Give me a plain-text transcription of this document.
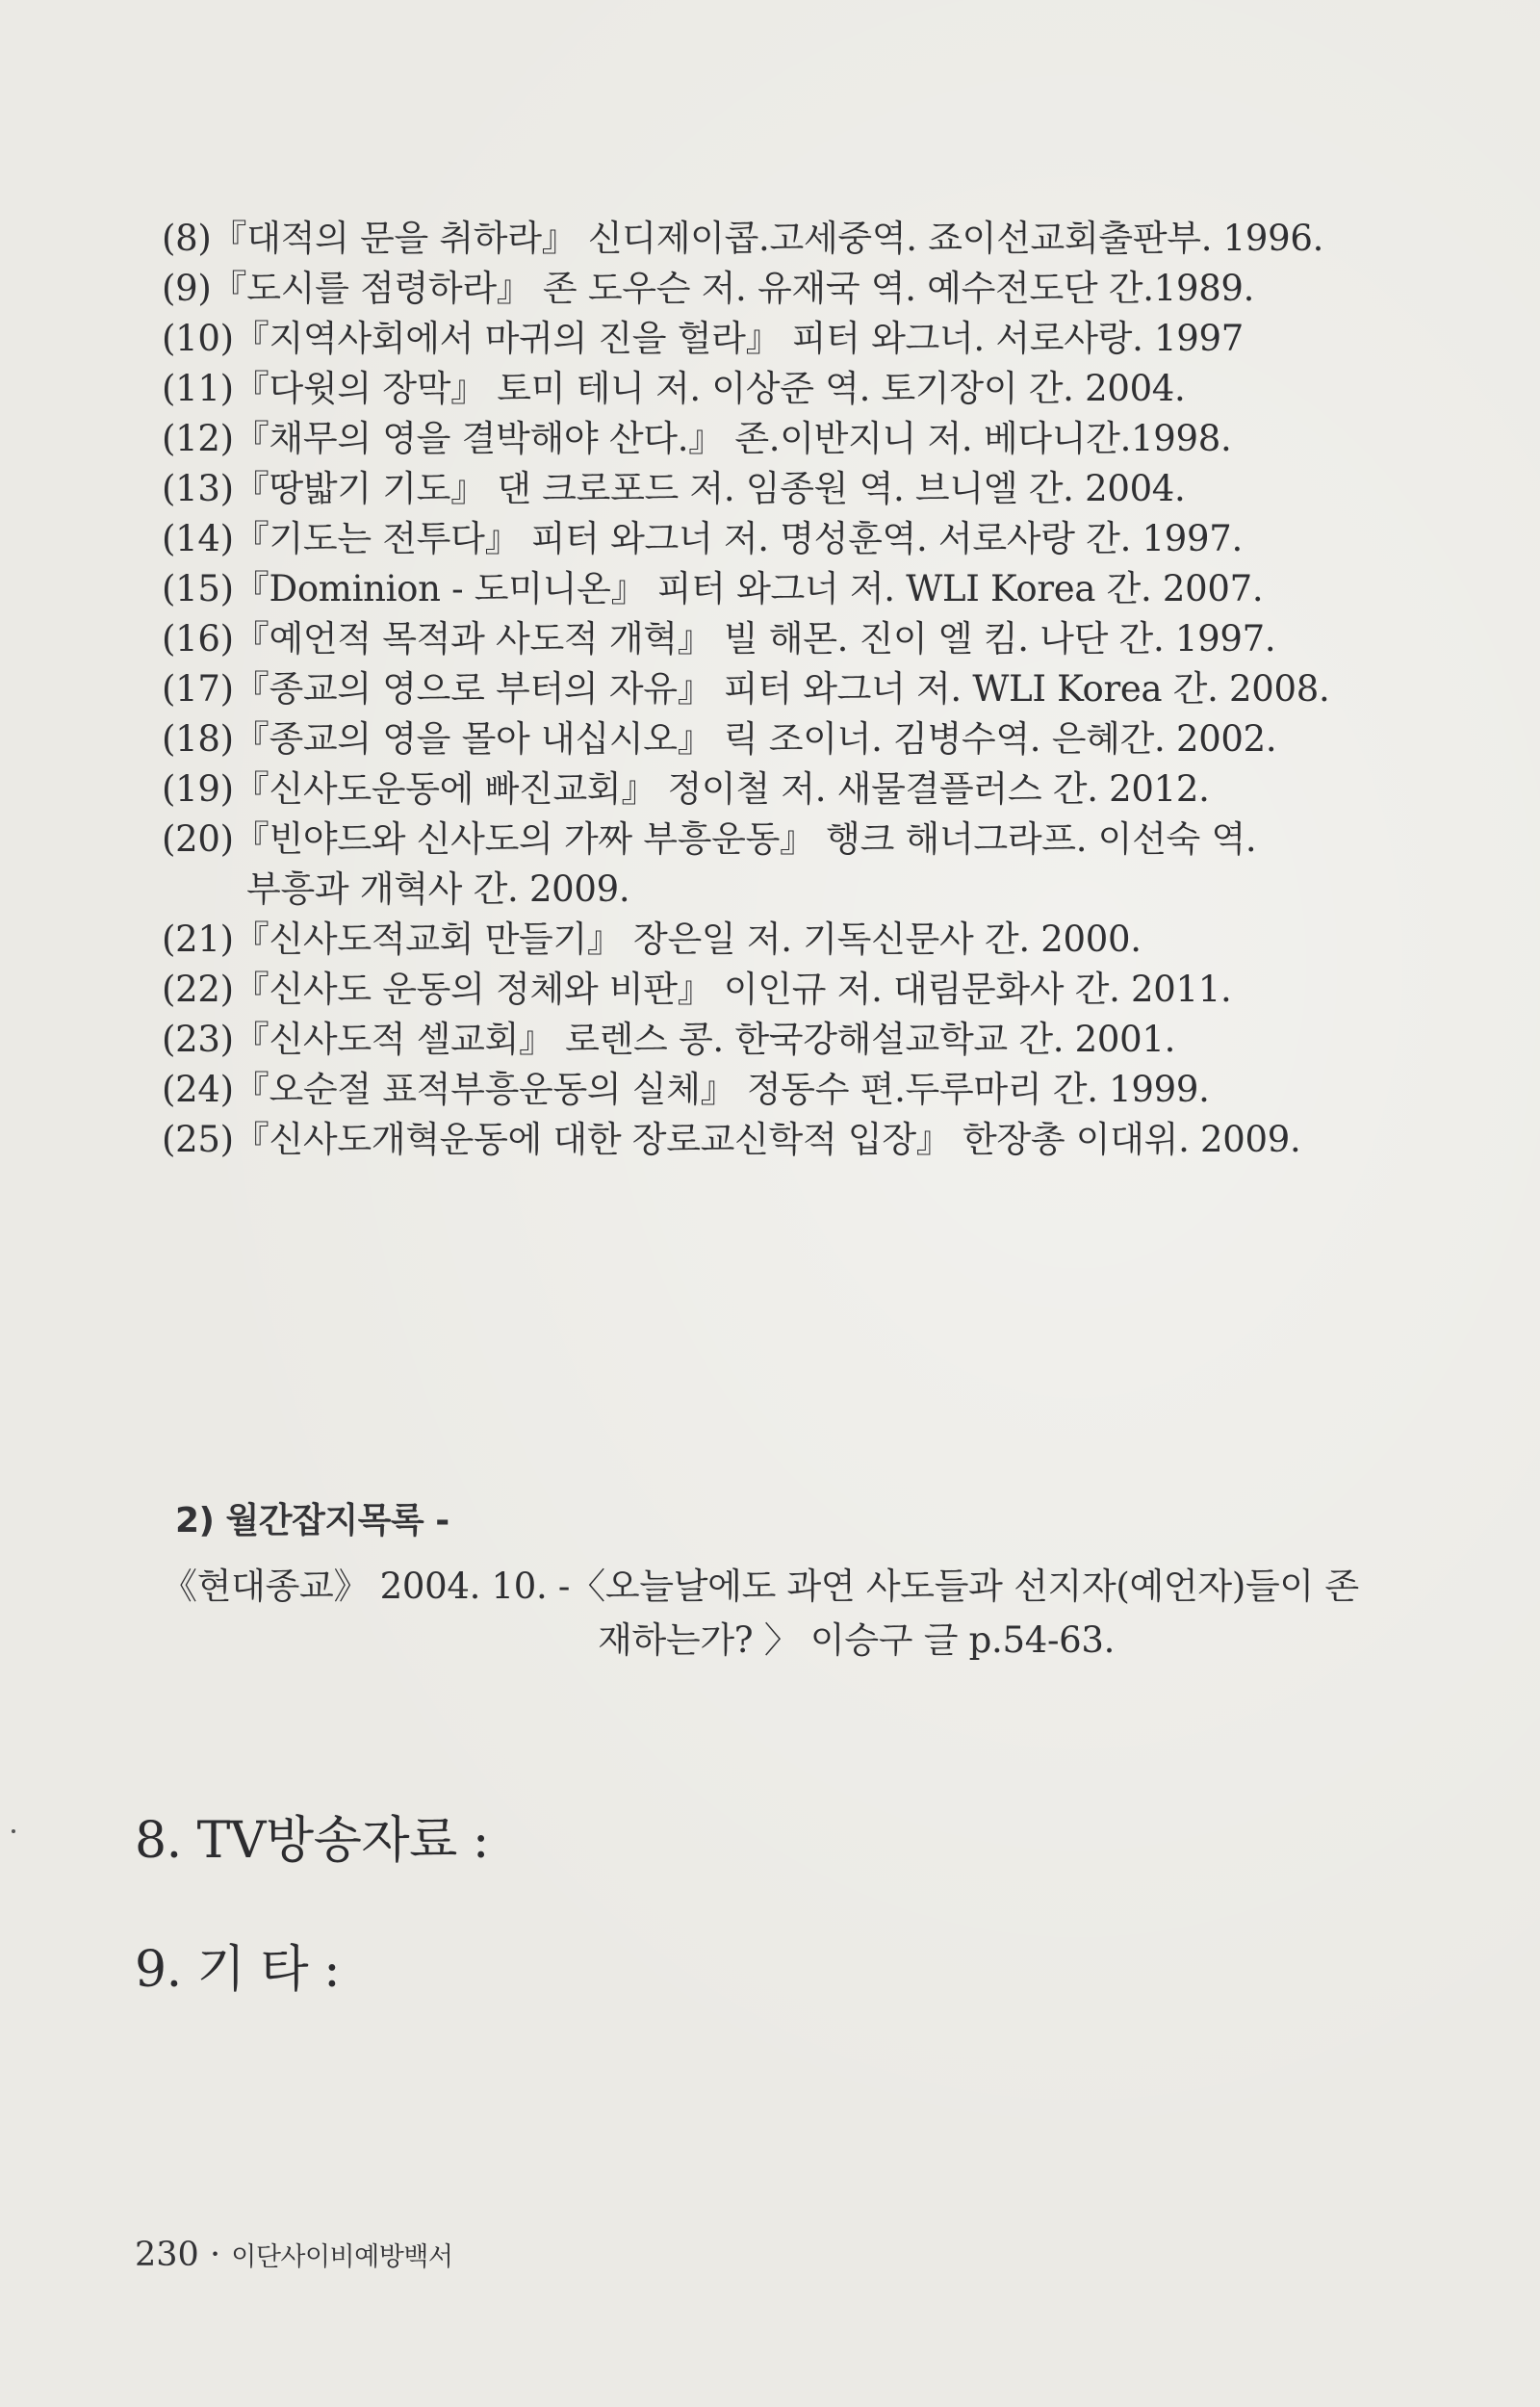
(8)『대적의 문을 취하라』 신디제이콥.고세중역. 죠이선교회출판부. 1996.
(9)『도시를 점령하라』 존 도우슨 저. 유재국 역. 예수전도단 간.1989.
(10)『지역사회에서 마귀의 진을 헐라』 피터 와그너. 서로사랑. 1997
(11)『다윗의 장막』 토미 테니 저. 이상준 역. 토기장이 간. 2004.
(12)『채무의 영을 결박해야 산다.』 존.이반지니 저. 베다니간.1998.
(13)『땅밟기 기도』 댄 크로포드 저. 임종원 역. 브니엘 간. 2004.
(14)『기도는 전투다』 피터 와그너 저. 명성훈역. 서로사랑 간. 1997.
(15)『Dominion - 도미니온』 피터 와그너 저. WLI Korea 간. 2007.
(16)『예언적 목적과 사도적 개혁』 빌 해몬. 진이 엘 킴. 나단 간. 1997.
(17)『종교의 영으로 부터의 자유』 피터 와그너 저. WLI Korea 간. 2008.
(18)『종교의 영을 몰아 내십시오』 릭 조이너. 김병수역. 은혜간. 2002.
(19)『신사도운동에 빠진교회』 정이철 저. 새물결플러스 간. 2012.
(20)『빈야드와 신사도의 가짜 부흥운동』 행크 해너그라프. 이선숙 역.
부흥과 개혁사 간. 2009.
(21)『신사도적교회 만들기』 장은일 저. 기독신문사 간. 2000.
(22)『신사도 운동의 정체와 비판』 이인규 저. 대림문화사 간. 2011.
(23)『신사도적 셀교회』 로렌스 콩. 한국강해설교학교 간. 2001.
(24)『오순절 표적부흥운동의 실체』 정동수 편.두루마리 간. 1999.
(25)『신사도개혁운동에 대한 장로교신학적 입장』 한장총 이대위. 2009.
2) 월간잡지목록 -
《현대종교》 2004. 10. -〈오늘날에도 과연 사도들과 선지자(예언자)들이 존
재하는가? 〉 이승구 글 p.54-63.
8. TV방송자료 :
9. 기 타 :
230 · 이단사이비예방백서
